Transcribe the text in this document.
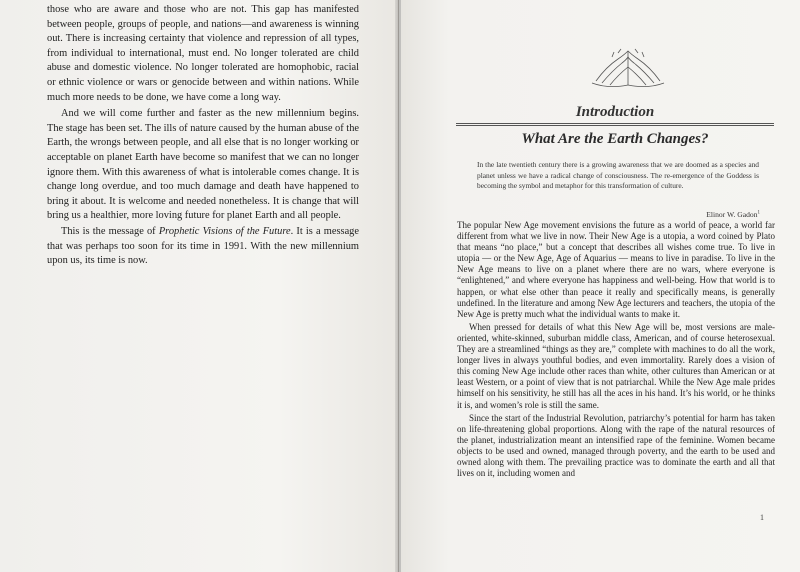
those who are aware and those who are not. This gap has manifested between people, groups of people, and nations—and awareness is winning out. There is increasing certainty that violence and repression of all types, from individual to international, must end. No longer tolerated are child abuse and domestic violence. No longer tolerated are homophobic, racial or ethnic violence or wars or genocide between and within nations. While much more needs to be done, we have come a long way.

And we will come further and faster as the new millennium begins. The stage has been set. The ills of nature caused by the human abuse of the Earth, the wrongs between people, and all else that is no longer working or acceptable on planet Earth have become so manifest that we can no longer ignore them. With this awareness of what is intolerable comes change. It is change long overdue, and too much damage and death have happened to bring it about. It is welcome and needed nonetheless. It is change that will bring us a healthier, more loving future for planet Earth and all people.

This is the message of Prophetic Visions of the Future. It is a message that was perhaps too soon for its time in 1991. With the new millennium upon us, its time is now.

Introduction
What Are the Earth Changes?
In the late twentieth century there is a growing awareness that we are doomed as a species and planet unless we have a radical change of consciousness. The re-emergence of the Goddess is becoming the symbol and metaphor for this transformation of culture.
Elinor W. Gadon$^1$

The popular New Age movement envisions the future as a world of peace, a world far different from what we live in now. Their New Age is a utopia, a word coined by Plato that means “no place,” but a concept that describes all wishes come true. To live in utopia — or the New Age, Age of Aquarius — means to live in paradise. To live in the New Age means to live on a planet where there are no wars, where everyone is “enlightened,” and where everyone has happiness and well-being. How that world is to happen, or what else other than peace it really and specifically means, is generally undefined. In the literature and among New Age lecturers and teachers, the utopia of the New Age is pretty much what the individual wants to make it.

When pressed for details of what this New Age will be, most versions are male-oriented, white-skinned, suburban middle class, American, and of course heterosexual. They are a streamlined “things as they are,” complete with machines to do all the work, longer lives in always youthful bodies, and even immortality. Rarely does a vision of this coming New Age include other races than white, other cultures than American or at least Western, or a point of view that is not patriarchal. While the New Age male prides himself on his sensitivity, he still has all the aces in his hand. It’s his world, or he thinks it is, and women’s role is still the same.

Since the start of the Industrial Revolution, patriarchy’s potential for harm has taken on life-threatening global proportions. Along with the rape of the natural resources of the planet, industrialization meant an intensified rape of the feminine. Women became objects to be used and owned, managed through poverty, and the earth to be used and owned along with them. The prevailing practice was to dominate the earth and all that lives on it, including women and

1
